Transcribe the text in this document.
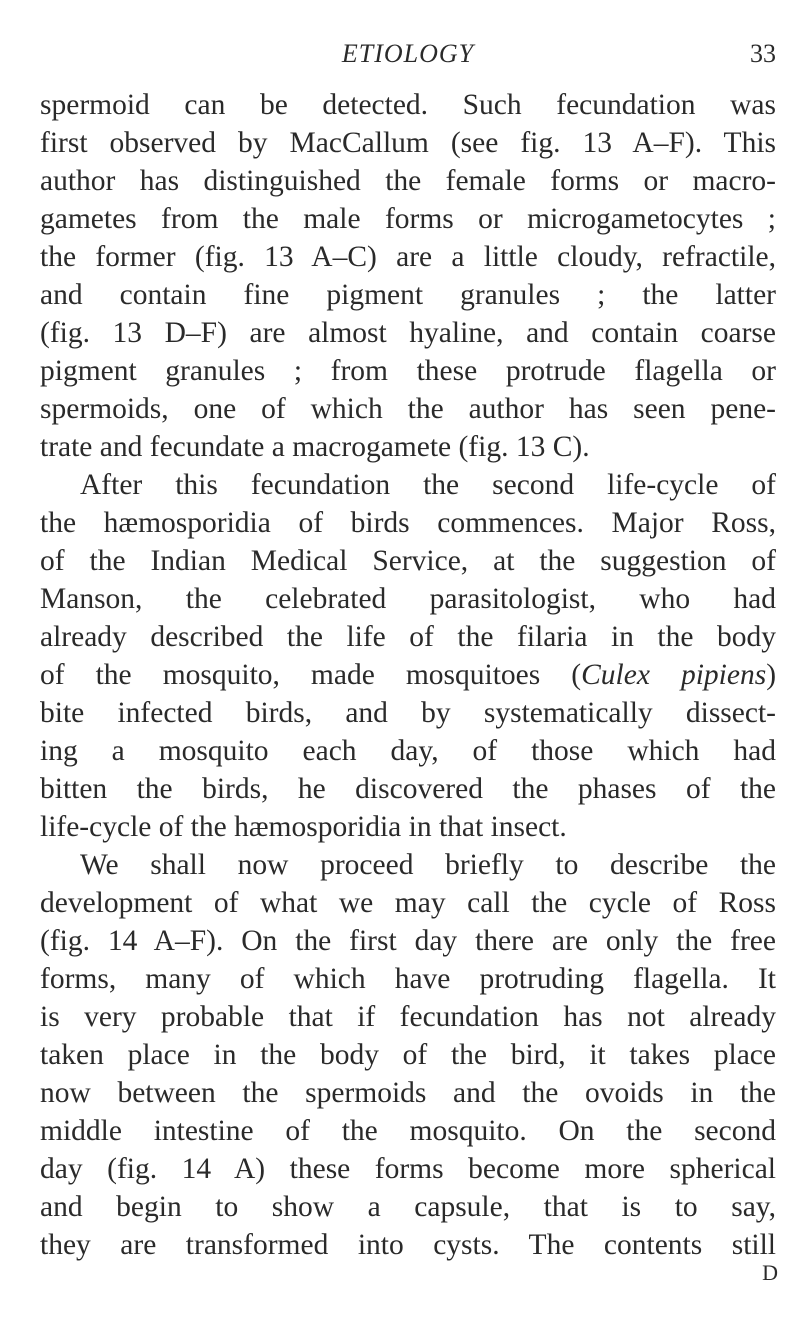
ETIOLOGY	33
spermoid can be detected. Such fecundation was
first observed by MacCallum (see fig. 13 A–F). This
author has distinguished the female forms or macro-
gametes from the male forms or microgametocytes ;
the former (fig. 13 A–C) are a little cloudy, refractile,
and contain fine pigment granules ; the latter
(fig. 13 D–F) are almost hyaline, and contain coarse
pigment granules ; from these protrude flagella or
spermoids, one of which the author has seen pene-
trate and fecundate a macrogamete (fig. 13 C).
After this fecundation the second life-cycle of
the hæmosporidia of birds commences. Major Ross,
of the Indian Medical Service, at the suggestion of
Manson, the celebrated parasitologist, who had
already described the life of the filaria in the body
of the mosquito, made mosquitoes (Culex pipiens)
bite infected birds, and by systematically dissect-
ing a mosquito each day, of those which had
bitten the birds, he discovered the phases of the
life-cycle of the hæmosporidia in that insect.
We shall now proceed briefly to describe the
development of what we may call the cycle of Ross
(fig. 14 A–F). On the first day there are only the free
forms, many of which have protruding flagella. It
is very probable that if fecundation has not already
taken place in the body of the bird, it takes place
now between the spermoids and the ovoids in the
middle intestine of the mosquito. On the second
day (fig. 14 A) these forms become more spherical
and begin to show a capsule, that is to say,
they are transformed into cysts. The contents still
D
